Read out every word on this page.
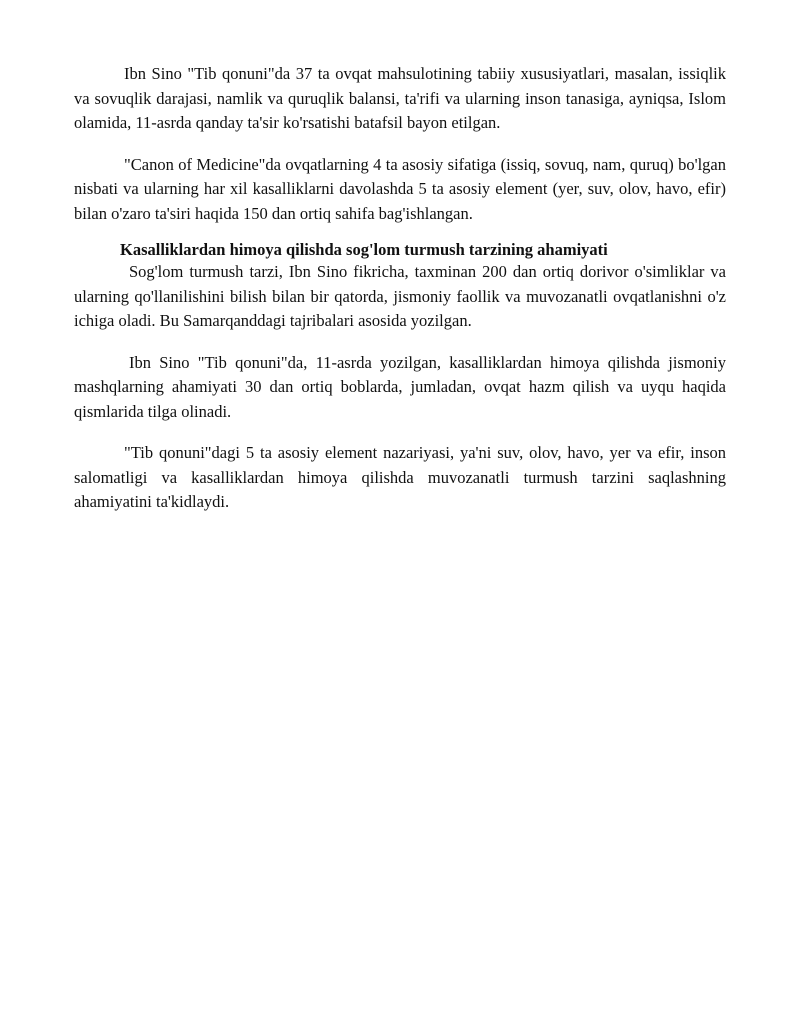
Ibn Sino "Tib qonuni"da 37 ta ovqat mahsulotining tabiiy xususiyatlari, masalan, issiqlik va sovuqlik darajasi, namlik va quruqlik balansi, ta'rifi va ularning inson tanasiga, ayniqsa, Islom olamida, 11-asrda qanday ta'sir ko'rsatishi batafsil bayon etilgan.

"Canon of Medicine"da ovqatlarning 4 ta asosiy sifatiga (issiq, sovuq, nam, quruq) bo'lgan nisbati va ularning har xil kasalliklarni davolashda 5 ta asosiy element (yer, suv, olov, havo, efir) bilan o'zaro ta'siri haqida 150 dan ortiq sahifa bag'ishlangan.

Kasalliklardan himoya qilishda sog'lom turmush tarzining ahamiyati

Sog'lom turmush tarzi, Ibn Sino fikricha, taxminan 200 dan ortiq dorivor o'simliklar va ularning qo'llanilishini bilish bilan bir qatorda, jismoniy faollik va muvozanatli ovqatlanishni o'z ichiga oladi. Bu Samarqanddagi tajribalari asosida yozilgan.

Ibn Sino "Tib qonuni"da, 11-asrda yozilgan, kasalliklardan himoya qilishda jismoniy mashqlarning ahamiyati 30 dan ortiq boblarda, jumladan, ovqat hazm qilish va uyqu haqida qismlarida tilga olinadi.

"Tib qonuni"dagi 5 ta asosiy element nazariyasi, ya'ni suv, olov, havo, yer va efir, inson salomatligi va kasalliklardan himoya qilishda muvozanatli turmush tarzini saqlashning ahamiyatini ta'kidlaydi.
